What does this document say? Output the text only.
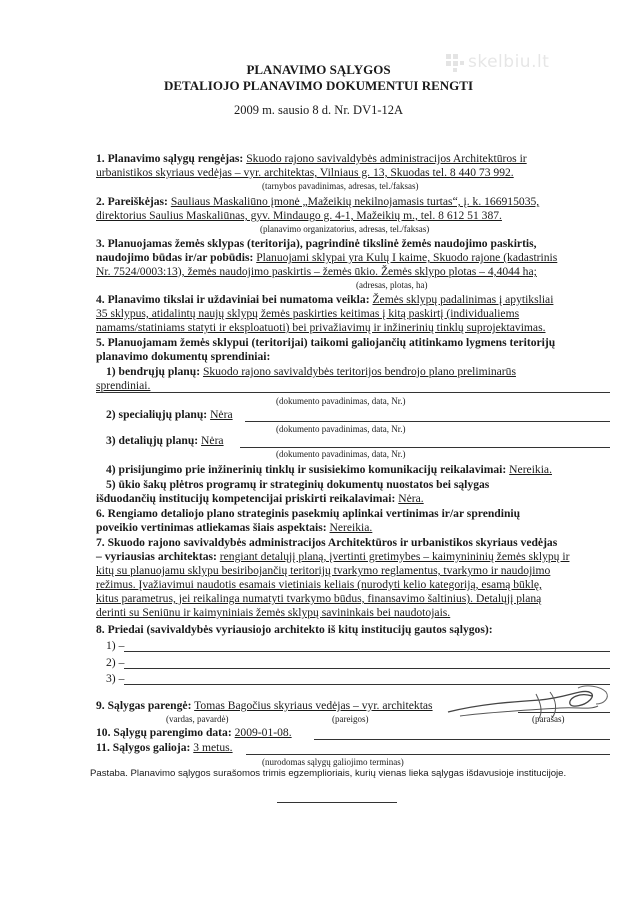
skelbiu.lt
PLANAVIMO SĄLYGOS
DETALIOJO PLANAVIMO DOKUMENTUI RENGTI
2009 m. sausio 8 d. Nr. DV1-12A
1. Planavimo sąlygų rengėjas: Skuodo rajono savivaldybės administracijos Architektūros ir
urbanistikos skyriaus vedėjas – vyr. architektas, Vilniaus g. 13, Skuodas tel. 8 440 73 992.
(tarnybos pavadinimas, adresas, tel./faksas)
2. Pareiškėjas: Sauliaus Maskaliūno įmonė „Mažeikių nekilnojamasis turtas“, į. k. 166915035,
direktorius Saulius Maskaliūnas, gyv. Mindaugo g. 4-1, Mažeikių m., tel. 8 612 51 387.
(planavimo organizatorius, adresas, tel./faksas)
3. Planuojamas žemės sklypas (teritorija), pagrindinė tikslinė žemės naudojimo paskirtis,
naudojimo būdas ir/ar pobūdis: Planuojami sklypai yra Kulų I kaime, Skuodo rajone (kadastrinis
Nr. 7524/0003:13), žemės naudojimo paskirtis – žemės ūkio. Žemės sklypo plotas – 4,4044 ha;
(adresas, plotas, ha)
4. Planavimo tikslai ir uždaviniai bei numatoma veikla: Žemės sklypų padalinimas į apytiksliai
35 sklypus, atidalintų naujų sklypų žemės paskirties keitimas į kitą paskirtį (individualiems
namams/statiniams statyti ir eksploatuoti) bei privažiavimų ir inžinerinių tinklų suprojektavimas.
5. Planuojamam žemės sklypui (teritorijai) taikomi galiojančių atitinkamo lygmens teritorijų
planavimo dokumentų sprendiniai:
1) bendrųjų planų: Skuodo rajono savivaldybės teritorijos bendrojo plano preliminarūs
sprendiniai.
(dokumento pavadinimas, data, Nr.)
2) specialiųjų planų: Nėra
(dokumento pavadinimas, data, Nr.)
3) detaliųjų planų: Nėra
(dokumento pavadinimas, data, Nr.)
4) prisijungimo prie inžinerinių tinklų ir susisiekimo komunikacijų reikalavimai: Nereikia.
5) ūkio šakų plėtros programų ir strateginių dokumentų nuostatos bei sąlygas
išduodančių institucijų kompetencijai priskirti reikalavimai: Nėra.
6. Rengiamo detaliojo plano strateginis pasekmių aplinkai vertinimas ir/ar sprendinių
poveikio vertinimas atliekamas šiais aspektais: Nereikia.
7. Skuodo rajono savivaldybės administracijos Architektūros ir urbanistikos skyriaus vedėjas
– vyriausias architektas: rengiant detalųjį planą, įvertinti gretimybes – kaimynininių žemės sklypų ir
kitų su planuojamu sklypu besiribojančių teritorijų tvarkymo reglamentus, tvarkymo ir naudojimo
režimus. Įvažiavimui naudotis esamais vietiniais keliais (nurodyti kelio kategoriją, esamą būklę,
kitus parametrus, jei reikalinga numatyti tvarkymo būdus, finansavimo šaltinius). Detalųjį planą
derinti su Seniūnu ir kaimyniniais žemės sklypų savininkais bei naudotojais.
8. Priedai (savivaldybės vyriausiojo architekto iš kitų institucijų gautos sąlygos):
1) –
2) –
3) –
9. Sąlygas parengė: Tomas Bagočius skyriaus vedėjas – vyr. architektas
(vardas, pavardė)	(pareigos)	(parašas)
10. Sąlygų parengimo data: 2009-01-08.
11. Sąlygos galioja: 3 metus.
(nurodomas sąlygų galiojimo terminas)
Pastaba. Planavimo sąlygos surašomos trimis egzemplioriais, kurių vienas lieka sąlygas išdavusioje institucijoje.
